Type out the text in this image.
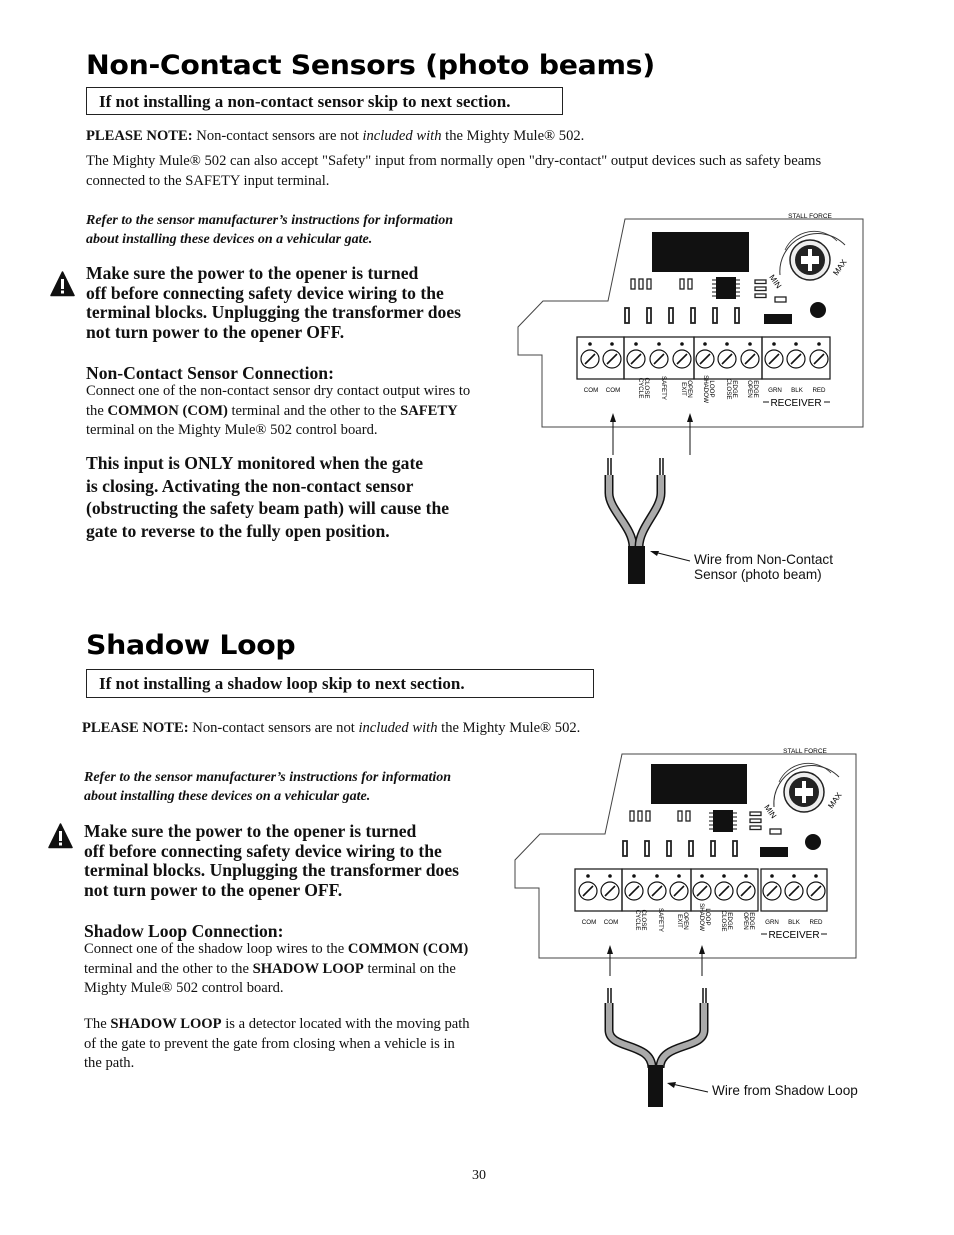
Non-Contact Sensors (photo beams)
If not installing a non-contact sensor skip to next section.
PLEASE NOTE: Non-contact sensors are not included with the Mighty Mule® 502.
The Mighty Mule® 502 can also accept "Safety" input from normally open "dry-contact" output devices such as safety beams
connected to the SAFETY input terminal.
Refer to the sensor manufacturer’s instructions for information
about installing these devices on a vehicular gate.
Make sure the power to the opener is turned
off before connecting safety device wiring to the
terminal blocks. Unplugging the transformer does
not turn power to the opener OFF.
Non-Contact Sensor Connection:
Connect one of the non-contact sensor dry contact output wires to
the COMMON (COM) terminal and the other to the SAFETY
terminal on the Mighty Mule® 502 control board.
This input is ONLY monitored when the gate
is closing. Activating the non-contact sensor
(obstructing the safety beam path) will cause the
gate to reverse to the fully open position.
STALL FORCE
MIN
MAX
COM COM	CYCLE CLOSE SAFETY EXIT OPEN SHADOW LOOP CLOSE EDGE OPEN EDGE GRN BLK RED
RECEIVER
Wire from Non-Contact
Sensor (photo beam)
Shadow Loop
If not installing a shadow loop skip to next section.
PLEASE NOTE: Non-contact sensors are not included with the Mighty Mule® 502.
Refer to the sensor manufacturer’s instructions for information
about installing these devices on a vehicular gate.
Make sure the power to the opener is turned
off before connecting safety device wiring to the
terminal blocks. Unplugging the transformer does
not turn power to the opener OFF.
Shadow Loop Connection:
Connect one of the shadow loop wires to the COMMON (COM)
terminal and the other to the SHADOW LOOP terminal on the
Mighty Mule® 502 control board.
The SHADOW LOOP is a detector located with the moving path
of the gate to prevent the gate from closing when a vehicle is in
the path.
STALL FORCE
MIN
MAX
COM COM	CYCLE CLOSE SAFETY EXIT OPEN SHADOW LOOP CLOSE EDGE OPEN EDGE GRN BLK RED
RECEIVER
Wire from Shadow Loop
30
